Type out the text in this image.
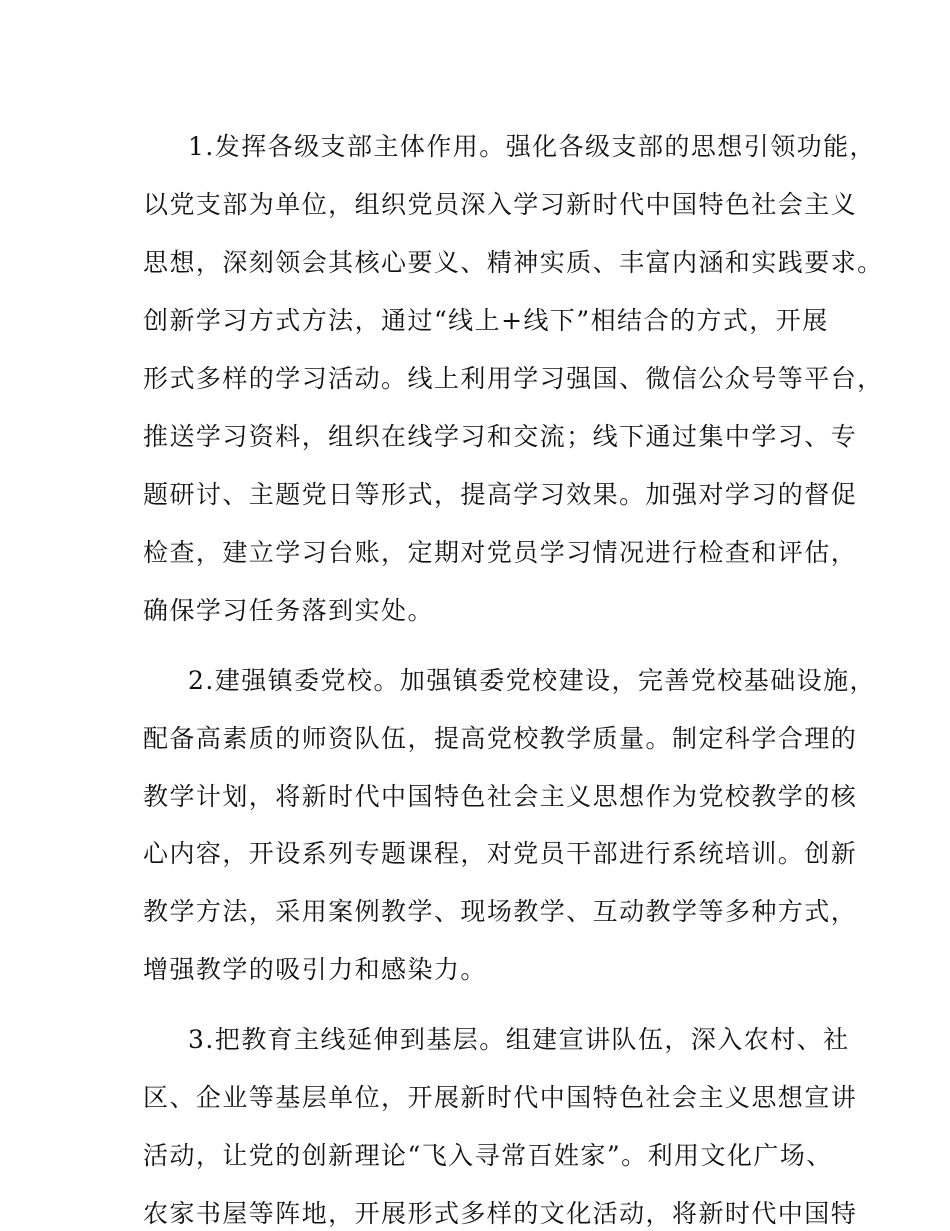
1.发挥各级支部主体作用。强化各级支部的思想引领功能，
以党支部为单位，组织党员深入学习新时代中国特色社会主义
思想，深刻领会其核心要义、精神实质、丰富内涵和实践要求。
创新学习方式方法，通过“线上+线下”相结合的方式，开展
形式多样的学习活动。线上利用学习强国、微信公众号等平台，
推送学习资料，组织在线学习和交流；线下通过集中学习、专
题研讨、主题党日等形式，提高学习效果。加强对学习的督促
检查，建立学习台账，定期对党员学习情况进行检查和评估，
确保学习任务落到实处。
2.建强镇委党校。加强镇委党校建设，完善党校基础设施，
配备高素质的师资队伍，提高党校教学质量。制定科学合理的
教学计划，将新时代中国特色社会主义思想作为党校教学的核
心内容，开设系列专题课程，对党员干部进行系统培训。创新
教学方法，采用案例教学、现场教学、互动教学等多种方式，
增强教学的吸引力和感染力。
3.把教育主线延伸到基层。组建宣讲队伍，深入农村、社
区、企业等基层单位，开展新时代中国特色社会主义思想宣讲
活动，让党的创新理论“飞入寻常百姓家”。利用文化广场、
农家书屋等阵地，开展形式多样的文化活动，将新时代中国特
